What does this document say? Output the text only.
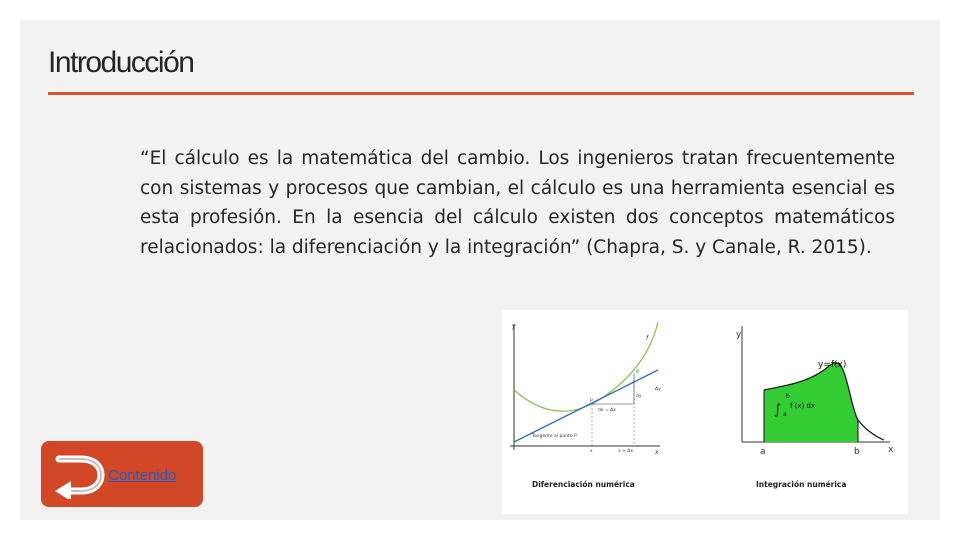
Introducción

“El cálculo es la matemática del cambio. Los ingenieros tratan frecuentemente con sistemas y procesos que cambian, el cálculo es una herramienta esencial es esta profesión. En la esencia del cálculo existen dos conceptos matemáticos relacionados: la diferenciación y la integración” (Chapra, S. y Canale, R. 2015).

y
x
f
Tangente al punto P
p
q
dx = Δx
dy
Δy
x	x + Δx
Diferenciación numérica
y
x
y=f(x)
∫
b
a
f (x) dx
a	b
Integración numérica
Contenido
